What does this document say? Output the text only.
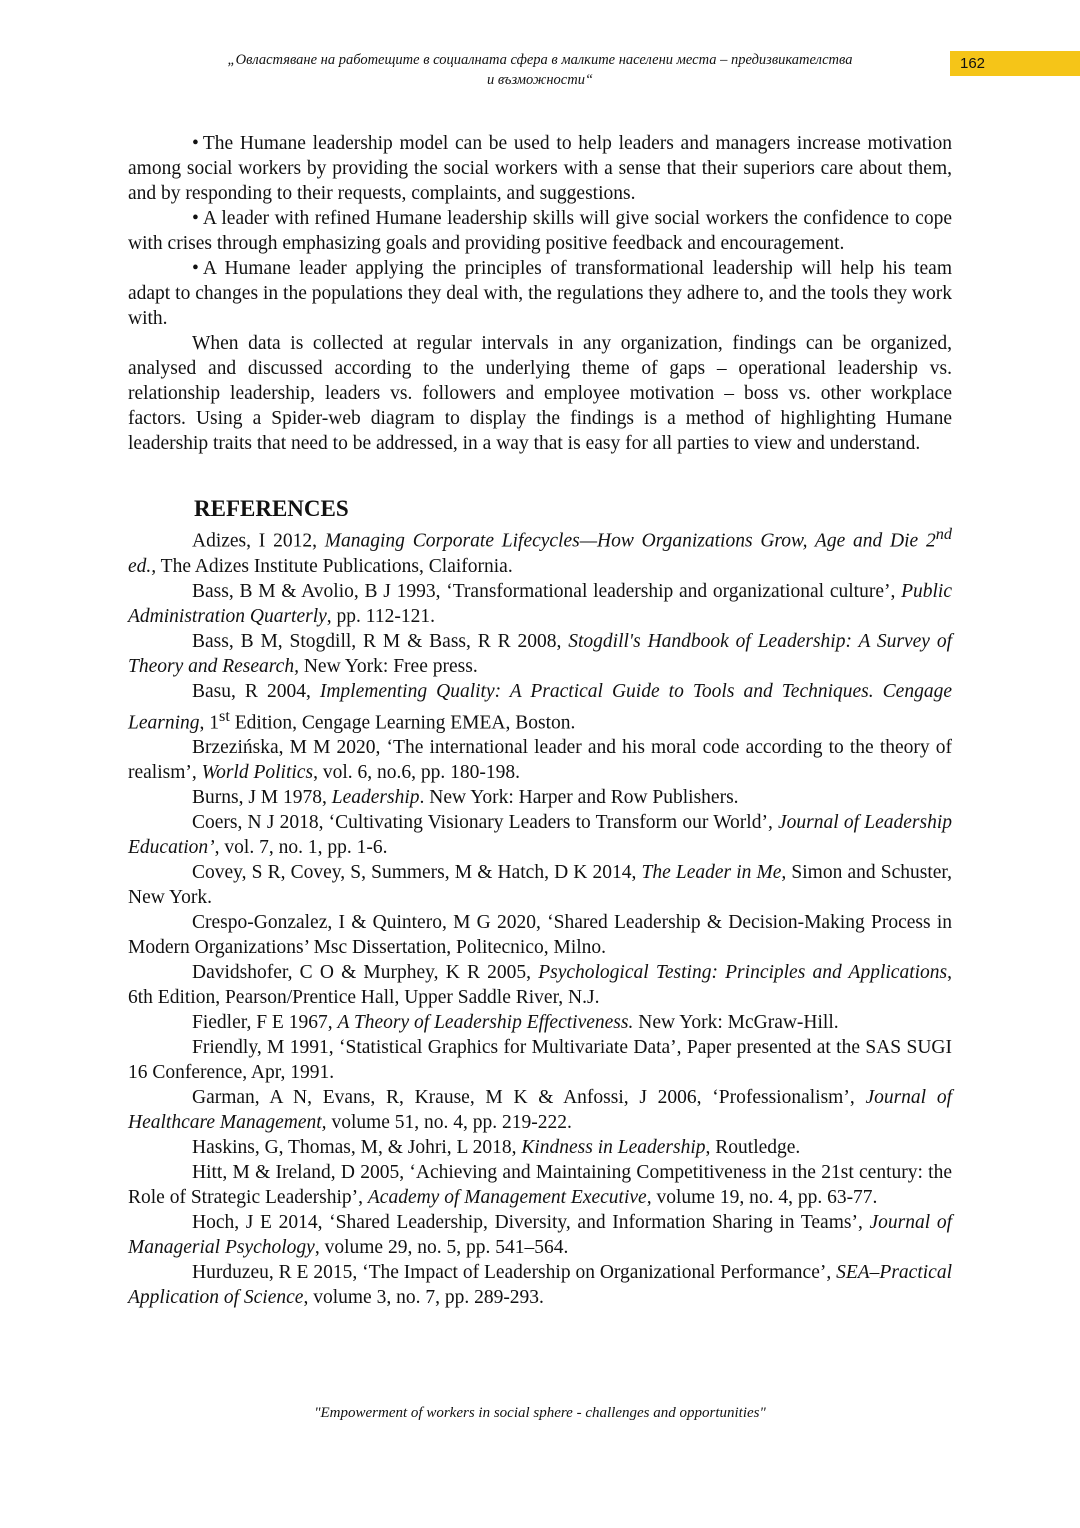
„Овластяване на работещите в социалната сфера в малките населени места – предизвикателства
и възможности“
162

• The Humane leadership model can be used to help leaders and managers increase motivation among social workers by providing the social workers with a sense that their superiors care about them, and by responding to their requests, complaints, and suggestions.

• A leader with refined Humane leadership skills will give social workers the confidence to cope with crises through emphasizing goals and providing positive feedback and encouragement.

• A Humane leader applying the principles of transformational leadership will help his team adapt to changes in the populations they deal with, the regulations they adhere to, and the tools they work with.

When data is collected at regular intervals in any organization, findings can be organized, analysed and discussed according to the underlying theme of gaps – operational leadership vs. relationship leadership, leaders vs. followers and employee motivation – boss vs. other workplace factors. Using a Spider-web diagram to display the findings is a method of highlighting Humane leadership traits that need to be addressed, in a way that is easy for all parties to view and understand.

REFERENCES

Adizes, I 2012, Managing Corporate Lifecycles—How Organizations Grow, Age and Die 2nd ed., The Adizes Institute Publications, Claifornia.

Bass, B M & Avolio, B J 1993, ‘Transformational leadership and organizational culture’, Public Administration Quarterly, pp. 112-121.

Bass, B M, Stogdill, R M & Bass, R R 2008, Stogdill's Handbook of Leadership: A Survey of Theory and Research, New York: Free press.

Basu, R 2004, Implementing Quality: A Practical Guide to Tools and Techniques. Cengage Learning, 1st Edition, Cengage Learning EMEA, Boston.

Brzezińska, M M 2020, ‘The international leader and his moral code according to the theory of realism’, World Politics, vol. 6, no.6, pp. 180-198.

Burns, J M 1978, Leadership. New York: Harper and Row Publishers.

Coers, N J 2018, ‘Cultivating Visionary Leaders to Transform our World’, Journal of Leadership Education’, vol. 7, no. 1, pp. 1-6.

Covey, S R, Covey, S, Summers, M & Hatch, D K 2014, The Leader in Me, Simon and Schuster, New York.

Crespo-Gonzalez, I & Quintero, M G 2020, ‘Shared Leadership & Decision-Making Process in Modern Organizations’ Msc Dissertation, Politecnico, Milno.

Davidshofer, C O & Murphey, K R 2005, Psychological Testing: Principles and Applications, 6th Edition, Pearson/Prentice Hall, Upper Saddle River, N.J.

Fiedler, F E 1967, A Theory of Leadership Effectiveness. New York: McGraw-Hill.

Friendly, M 1991, ‘Statistical Graphics for Multivariate Data’, Paper presented at the SAS SUGI 16 Conference, Apr, 1991.

Garman, A N, Evans, R, Krause, M K & Anfossi, J 2006, ‘Professionalism’, Journal of Healthcare Management, volume 51, no. 4, pp. 219-222.

Haskins, G, Thomas, M, & Johri, L 2018, Kindness in Leadership, Routledge.

Hitt, M & Ireland, D 2005, ‘Achieving and Maintaining Competitiveness in the 21st century: the Role of Strategic Leadership’, Academy of Management Executive, volume 19, no. 4, pp. 63-77.

Hoch, J E 2014, ‘Shared Leadership, Diversity, and Information Sharing in Teams’, Journal of Managerial Psychology, volume 29, no. 5, pp. 541–564.

Hurduzeu, R E 2015, ‘The Impact of Leadership on Organizational Performance’, SEA–Practical Application of Science, volume 3, no. 7, pp. 289-293.

"Empowerment of workers in social sphere - challenges and opportunities"
